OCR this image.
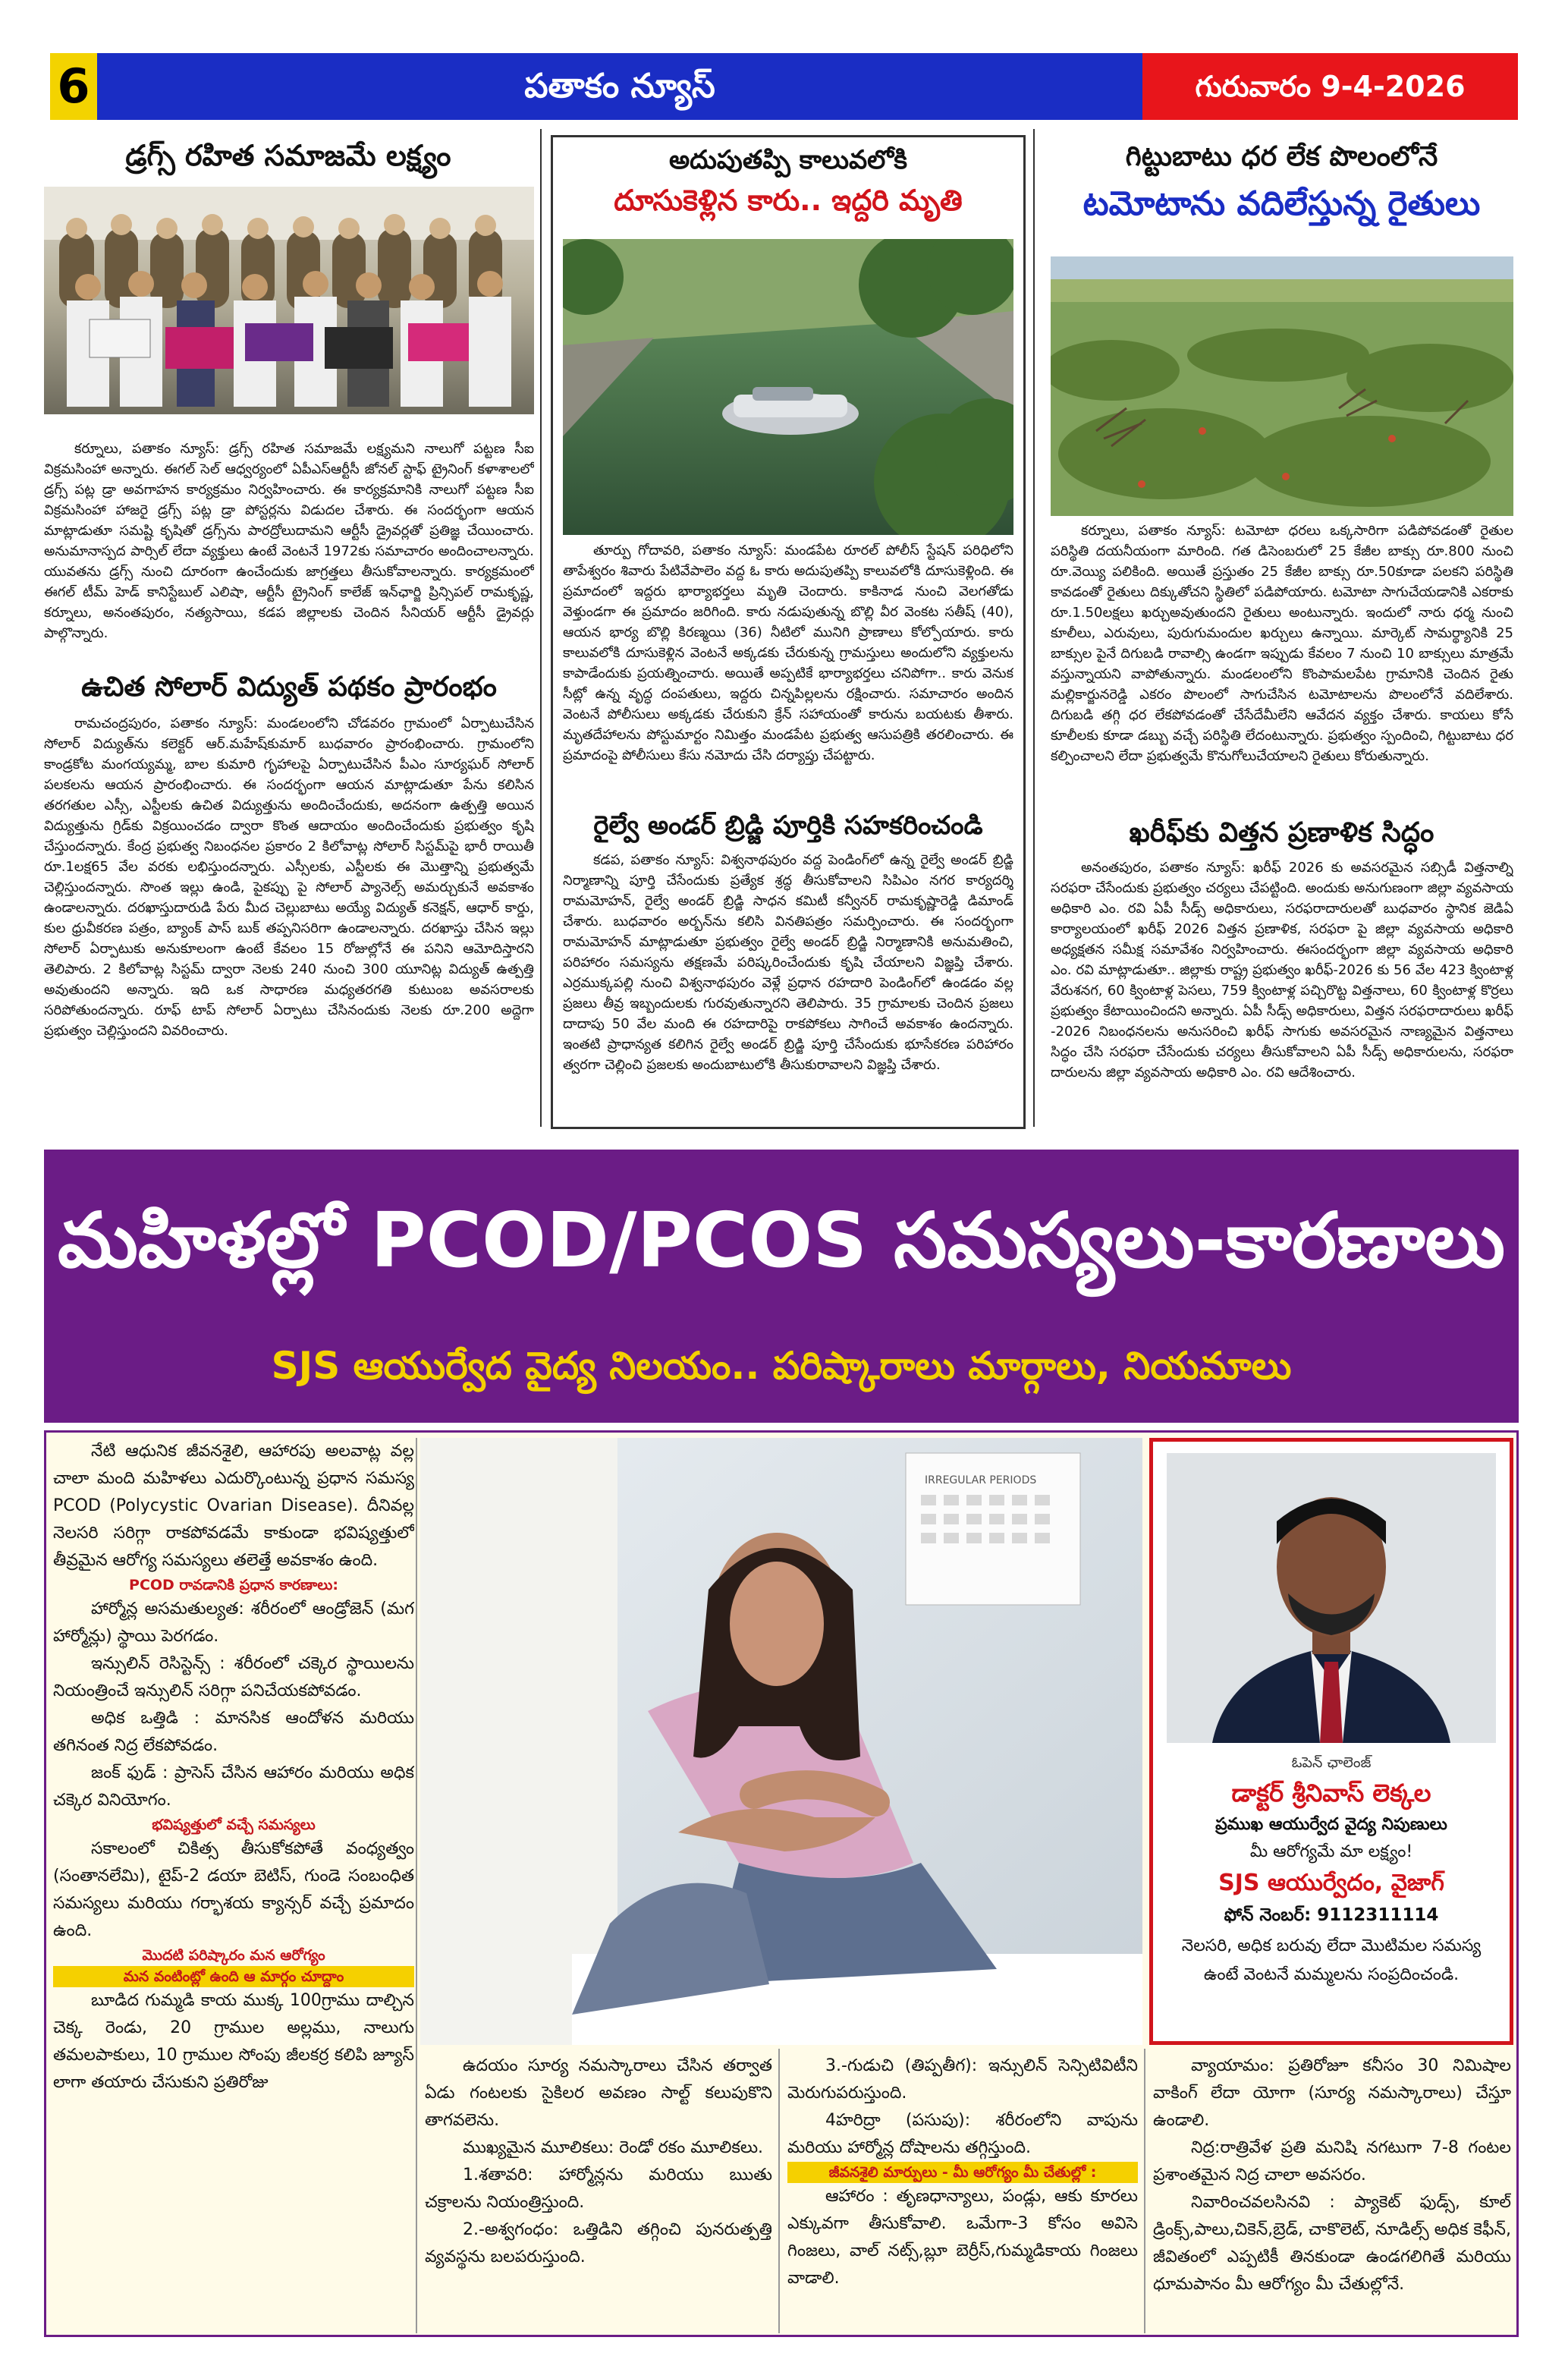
6	పతాకం న్యూస్	గురువారం 9-4-2026
డ్రగ్స్ రహిత సమాజమే లక్ష్యం
కర్నూలు, పతాకం న్యూస్: డ్రగ్స్ రహిత సమాజమే లక్ష్యమని నాలుగో పట్టణ సీఐ విక్రమసింహా అన్నారు. ఈగల్ సెల్ ఆధ్వర్యంలో ఏపీఎస్ఆర్టీసీ జోనల్ స్టాఫ్ ట్రైనింగ్ కళాశాలలో డ్రగ్స్ పట్ల డ్రా అవగాహన కార్యక్రమం నిర్వహించారు. ఈ కార్యక్రమానికి నాలుగో పట్టణ సీఐ విక్రమసింహా హాజరై డ్రగ్స్ పట్ల డ్రా పోస్టర్లను విడుదల చేశారు. ఈ సందర్భంగా ఆయన మాట్లాడుతూ సమష్టి కృషితో డ్రగ్స్‌ను పారద్రోలుదామని ఆర్టీసీ డ్రైవర్లతో ప్రతిజ్ఞ చేయించారు. అనుమానాస్పద పార్సిల్ లేదా వ్యక్తులు ఉంటే వెంటనే 1972కు సమాచారం అందించాలన్నారు. యువతను డ్రగ్స్ నుంచి దూరంగా ఉంచేందుకు జాగ్రత్తలు తీసుకోవాలన్నారు. కార్యక్రమంలో ఈగల్ టీమ్ హెడ్ కానిస్టేబుల్ ఎలిషా, ఆర్టీసీ ట్రైనింగ్ కాలేజ్ ఇన్‌ఛార్జి ప్రిన్సిపల్ రామకృష్ణ, కర్నూలు, అనంతపురం, నత్యసాయి, కడప జిల్లాలకు చెందిన సీనియర్ ఆర్టీసీ డ్రైవర్లు పాల్గొన్నారు.
ఉచిత సోలార్ విద్యుత్ పథకం ప్రారంభం
రామచంద్రపురం, పతాకం న్యూస్: మండలంలోని చోడవరం గ్రామంలో ఏర్పాటుచేసిన సోలార్ విద్యుత్‌ను కలెక్టర్ ఆర్.మహేష్‌కుమార్ బుధవారం ప్రారంభించారు. గ్రామంలోని కాండ్రకోట మంగయ్యమ్మ, బాల కుమారి గృహాలపై ఏర్పాటుచేసిన పీఎం సూర్యఘర్ సోలార్ పలకలను ఆయన ప్రారంభించారు. ఈ సందర్భంగా ఆయన మాట్లాడుతూ పేను కలిసిన తరగతుల ఎస్సీ, ఎస్టీలకు ఉచిత విద్యుత్తును అందించేందుకు, అదనంగా ఉత్పత్తి అయిన విద్యుత్తును గ్రిడ్‌కు విక్రయించడం ద్వారా కొంత ఆదాయం అందించేందుకు ప్రభుత్వం కృషి చేస్తుందన్నారు. కేంద్ర ప్రభుత్వ నిబంధనల ప్రకారం 2 కిలోవాట్ల సోలార్ సిస్టమ్‌పై భారీ రాయితీ రూ.1లక్ష65 వేల వరకు లభిస్తుందన్నారు. ఎస్సీలకు, ఎస్టీలకు ఈ మొత్తాన్ని ప్రభుత్వమే చెల్లిస్తుందన్నారు. సొంత ఇల్లు ఉండి, పైకప్పు పై సోలార్ ప్యానెల్స్ అమర్చుకునే అవకాశం ఉండాలన్నారు. దరఖాస్తుదారుడి పేరు మీద చెల్లుబాటు అయ్యే విద్యుత్ కనెక్షన్, ఆధార్ కార్డు, కుల ధ్రువీకరణ పత్రం, బ్యాంక్ పాస్ బుక్ తప్పనిసరిగా ఉండాలన్నారు. దరఖాస్తు చేసిన ఇల్లు సోలార్ ఏర్పాటుకు అనుకూలంగా ఉంటే కేవలం 15 రోజుల్లోనే ఈ పనిని ఆమోదిస్తారని తెలిపారు. 2 కిలోవాట్ల సిస్టమ్ ద్వారా నెలకు 240 నుంచి 300 యూనిట్ల విద్యుత్ ఉత్పత్తి అవుతుందని అన్నారు. ఇది ఒక సాధారణ మధ్యతరగతి కుటుంబ అవసరాలకు సరిపోతుందన్నారు. రూఫ్ టాప్ సోలార్ ఏర్పాటు చేసినందుకు నెలకు రూ.200 అద్దెగా ప్రభుత్వం చెల్లిస్తుందని వివరించారు.
అదుపుతప్పి కాలువలోకి
దూసుకెళ్లిన కారు.. ఇద్దరి మృతి
తూర్పు గోదావరి, పతాకం న్యూస్: మండపేట రూరల్ పోలీస్ స్టేషన్ పరిధిలోని తాపేశ్వరం శివారు పేటివేపాలెం వద్ద ఓ కారు అదుపుతప్పి కాలువలోకి దూసుకెళ్లింది. ఈ ప్రమాదంలో ఇద్దరు భార్యాభర్తలు మృతి చెందారు. కాకినాడ నుంచి వెలగతోడు వెళ్తుండగా ఈ ప్రమాదం జరిగింది. కారు నడుపుతున్న బొల్లి వీర వెంకట సతీష్ (40), ఆయన భార్య బొల్లి కిరణ్మయి (36) నీటిలో మునిగి ప్రాణాలు కోల్పోయారు. కారు కాలువలోకి దూసుకెళ్లిన వెంటనే అక్కడకు చేరుకున్న గ్రామస్తులు అందులోని వ్యక్తులను కాపాడేందుకు ప్రయత్నించారు. అయితే అప్పటికే భార్యాభర్తలు చనిపోగా.. కారు వెనుక సీట్లో ఉన్న వృద్ధ దంపతులు, ఇద్దరు చిన్నపిల్లలను రక్షించారు. సమాచారం అందిన వెంటనే పోలీసులు అక్కడకు చేరుకుని క్రేన్ సహాయంతో కారును బయటకు తీశారు. మృతదేహాలను పోస్టుమార్టం నిమిత్తం మండపేట ప్రభుత్వ ఆసుపత్రికి తరలించారు. ఈ ప్రమాదంపై పోలీసులు కేసు నమోదు చేసి దర్యాప్తు చేపట్టారు.
రైల్వే అండర్ బ్రిడ్జి పూర్తికి సహకరించండి
కడప, పతాకం న్యూస్: విశ్వనాథపురం వద్ద పెండింగ్‌లో ఉన్న రైల్వే అండర్ బ్రిడ్జి నిర్మాణాన్ని పూర్తి చేసేందుకు ప్రత్యేక శ్రద్ధ తీసుకోవాలని సిపిఎం నగర కార్యదర్శి రామమోహన్, రైల్వే అండర్ బ్రిడ్జి సాధన కమిటీ కన్వీనర్ రామకృష్ణారెడ్డి డిమాండ్ చేశారు. బుధవారం అర్బన్‌ను కలిసి వినతిపత్రం సమర్పించారు. ఈ సందర్భంగా రామమోహన్ మాట్లాడుతూ ప్రభుత్వం రైల్వే అండర్ బ్రిడ్జి నిర్మాణానికి అనుమతించి, పరిహారం సమస్యను తక్షణమే పరిష్కరించేందుకు కృషి చేయాలని విజ్ఞప్తి చేశారు. ఎర్రముక్కపల్లి నుంచి విశ్వనాథపురం వెళ్లే ప్రధాన రహదారి పెండింగ్‌లో ఉండడం వల్ల ప్రజలు తీవ్ర ఇబ్బందులకు గురవుతున్నారని తెలిపారు. 35 గ్రామాలకు చెందిన ప్రజలు దాదాపు 50 వేల మంది ఈ రహదారిపై రాకపోకలు సాగించే అవకాశం ఉందన్నారు. ఇంతటి ప్రాధాన్యత కలిగిన రైల్వే అండర్ బ్రిడ్జి పూర్తి చేసేందుకు భూసేకరణ పరిహారం త్వరగా చెల్లించి ప్రజలకు అందుబాటులోకి తీసుకురావాలని విజ్ఞప్తి చేశారు.
గిట్టుబాటు ధర లేక పొలంలోనే
టమోటాను వదిలేస్తున్న రైతులు
కర్నూలు, పతాకం న్యూస్: టమోటా ధరలు ఒక్కసారిగా పడిపోవడంతో రైతుల పరిస్థితి దయనీయంగా మారింది. గత డిసెంబరులో 25 కేజీల బాక్సు రూ.800 నుంచి రూ.వెయ్యి పలికింది. అయితే ప్రస్తుతం 25 కేజీల బాక్సు రూ.50కూడా పలకని పరిస్థితి కావడంతో రైతులు దిక్కుతోచని స్థితిలో పడిపోయారు. టమోటా సాగుచేయడానికి ఎకరాకు రూ.1.50లక్షలు ఖర్చుఅవుతుందని రైతులు అంటున్నారు. ఇందులో నారు ధర్మ నుంచి కూలీలు, ఎరువులు, పురుగుమందుల ఖర్చులు ఉన్నాయి. మార్కెట్ సామర్థ్యానికి 25 బాక్సుల పైనే దిగుబడి రావాల్సి ఉండగా ఇప్పుడు కేవలం 7 నుంచి 10 బాక్సులు మాత్రమే వస్తున్నాయని వాపోతున్నారు. మండలంలోని కొంపామలపేట గ్రామానికి చెందిన రైతు మల్లికార్జునరెడ్డి ఎకరం పొలంలో సాగుచేసిన టమోటాలను పొలంలోనే వదిలేశారు. దిగుబడి తగ్గి ధర లేకపోవడంతో చేసేదేమీలేని ఆవేదన వ్యక్తం చేశారు. కాయలు కోసే కూలీలకు కూడా డబ్బు వచ్చే పరిస్థితి లేదంటున్నారు. ప్రభుత్వం స్పందించి, గిట్టుబాటు ధర కల్పించాలని లేదా ప్రభుత్వమే కొనుగోలుచేయాలని రైతులు కోరుతున్నారు.
ఖరీఫ్‌కు విత్తన ప్రణాళిక సిద్ధం
అనంతపురం, పతాకం న్యూస్: ఖరీఫ్ 2026 కు అవసరమైన సబ్సిడీ విత్తనాల్ని సరఫరా చేసేందుకు ప్రభుత్వం చర్యలు చేపట్టింది. అందుకు అనుగుణంగా జిల్లా వ్యవసాయ అధికారి ఎం. రవి ఏపీ సీడ్స్ అధికారులు, సరఫరాదారులతో బుధవారం స్థానిక జెడిఏ కార్యాలయంలో ఖరీఫ్ 2026 విత్తన ప్రణాళిక, సరఫరా పై జిల్లా వ్యవసాయ అధికారి అధ్యక్షతన సమీక్ష సమావేశం నిర్వహించారు. ఈసందర్భంగా జిల్లా వ్యవసాయ అధికారి ఎం. రవి మాట్లాడుతూ.. జిల్లాకు రాష్ట్ర ప్రభుత్వం ఖరీఫ్-2026 కు 56 వేల 423 క్వింటాళ్ల వేరుశనగ, 60 క్వింటాళ్ల పెసలు, 759 క్వింటాళ్ల పచ్చిరొట్ట విత్తనాలు, 60 క్వింటాళ్ల కొర్రలు ప్రభుత్వం కేటాయించిందని అన్నారు. ఏపీ సీడ్స్ అధికారులు, విత్తన సరఫరాదారులు ఖరీఫ్ -2026 నిబంధనలను అనుసరించి ఖరీఫ్ సాగుకు అవసరమైన నాణ్యమైన విత్తనాలు సిద్ధం చేసి సరఫరా చేసేందుకు చర్యలు తీసుకోవాలని ఏపీ సీడ్స్ అధికారులను, సరఫరా దారులను జిల్లా వ్యవసాయ అధికారి ఎం. రవి ఆదేశించారు.
మహిళల్లో PCOD/PCOS సమస్యలు-కారణాలు
SJS ఆయుర్వేద వైద్య నిలయం.. పరిష్కారాలు మార్గాలు, నియమాలు

నేటి ఆధునిక జీవనశైలి, ఆహారపు అలవాట్ల వల్ల చాలా మంది మహిళలు ఎదుర్కొంటున్న ప్రధాన సమస్య PCOD (Polycystic Ovarian Disease). దీనివల్ల నెలసరి సరిగ్గా రాకపోవడమే కాకుండా భవిష్యత్తులో తీవ్రమైన ఆరోగ్య సమస్యలు తలెత్తే అవకాశం ఉంది.

PCOD రావడానికి ప్రధాన కారణాలు:

హార్మోన్ల అసమతుల్యత: శరీరంలో ఆండ్రోజెన్ (మగ హార్మోన్లు) స్థాయి పెరగడం.

ఇన్సులిన్ రెసిస్టెన్స్ : శరీరంలో చక్కెర స్థాయిలను నియంత్రించే ఇన్సులిన్ సరిగ్గా పనిచేయకపోవడం.

అధిక ఒత్తిడి : మానసిక ఆందోళన మరియు తగినంత నిద్ర లేకపోవడం.

జంక్ ఫుడ్ : ప్రాసెస్ చేసిన ఆహారం మరియు అధిక చక్కెర వినియోగం.

భవిష్యత్తులో వచ్చే సమస్యలు

సకాలంలో చికిత్స తీసుకోకపోతే వంధ్యత్వం (సంతానలేమి), టైప్-2 డయా బెటిస్, గుండె సంబంధిత సమస్యలు మరియు గర్భాశయ క్యాన్సర్ వచ్చే ప్రమాదం ఉంది.

మొదటి పరిష్కారం మన ఆరోగ్యం
మన వంటింట్లో ఉంది ఆ మార్గం చూద్దాం

బూడిద గుమ్మడి కాయ ముక్క 100గ్రాము దాల్చిన చెక్క రెండు, 20 గ్రాముల అల్లము, నాలుగు తమలపాకులు, 10 గ్రాముల సోంపు జీలకర్ర కలిపి జ్యూస్ లాగా తయారు చేసుకుని ప్రతిరోజు

IRREGULAR PERIODS
ఓపెన్ ఛాలెంజ్
డాక్టర్ శ్రీనివాస్ లెక్కల
ప్రముఖ ఆయుర్వేద వైద్య నిపుణులు
మీ ఆరోగ్యమే మా లక్ష్యం!
SJS ఆయుర్వేదం, వైజాగ్
ఫోన్ నెంబర్: 9112311114
నెలసరి, అధిక బరువు లేదా మొటిమల సమస్య ఉంటే వెంటనే మమ్మలను సంప్రదించండి.

ఉదయం సూర్య నమస్కారాలు చేసిన తర్వాత ఏడు గంటలకు సైకిలర అవణం సాల్ట్ కలుపుకొని తాగవలెను.

ముఖ్యమైన మూలికలు: రెండో రకం మూలికలు.

1.శతావరి: హార్మోన్లను మరియు ఋతు చక్రాలను నియంత్రిస్తుంది.

2.-అశ్వగంధం: ఒత్తిడిని తగ్గించి పునరుత్పత్తి వ్యవస్థను బలపరుస్తుంది.

3.-గుడుచి (తిప్పతీగ): ఇన్సులిన్ సెన్సిటివిటీని మెరుగుపరుస్తుంది.

4హరిద్రా (పసుపు): శరీరంలోని వాపును మరియు హార్మోన్ల దోషాలను తగ్గిస్తుంది.

జీవనశైలి మార్పులు - మీ ఆరోగ్యం మీ చేతుల్లో :

ఆహారం : తృణధాన్యాలు, పండ్లు, ఆకు కూరలు ఎక్కువగా తీసుకోవాలి. ఒమేగా-3 కోసం అవిసె గింజలు, వాల్ నట్స్,బ్లూ బెర్రీస్,గుమ్మడికాయ గింజలు వాడాలి.

వ్యాయామం: ప్రతిరోజూ కనీసం 30 నిమిషాల వాకింగ్ లేదా యోగా (సూర్య నమస్కారాలు) చేస్తూ ఉండాలి.

నిద్ర:రాత్రివేళ ప్రతి మనిషి నగటుగా 7-8 గంటల ప్రశాంతమైన నిద్ర చాలా అవసరం.

నివారించవలసినవి : ప్యాకెట్ ఫుడ్స్, కూల్ డ్రింక్స్,పాలు,చికెన్,బ్రెడ్, చాకొలెట్, నూడిల్స్ అధిక కెఫీన్, జీవితంలో ఎప్పటికీ తినకుండా ఉండగలిగితే మరియు ధూమపానం మీ ఆరోగ్యం మీ చేతుల్లోనే.
